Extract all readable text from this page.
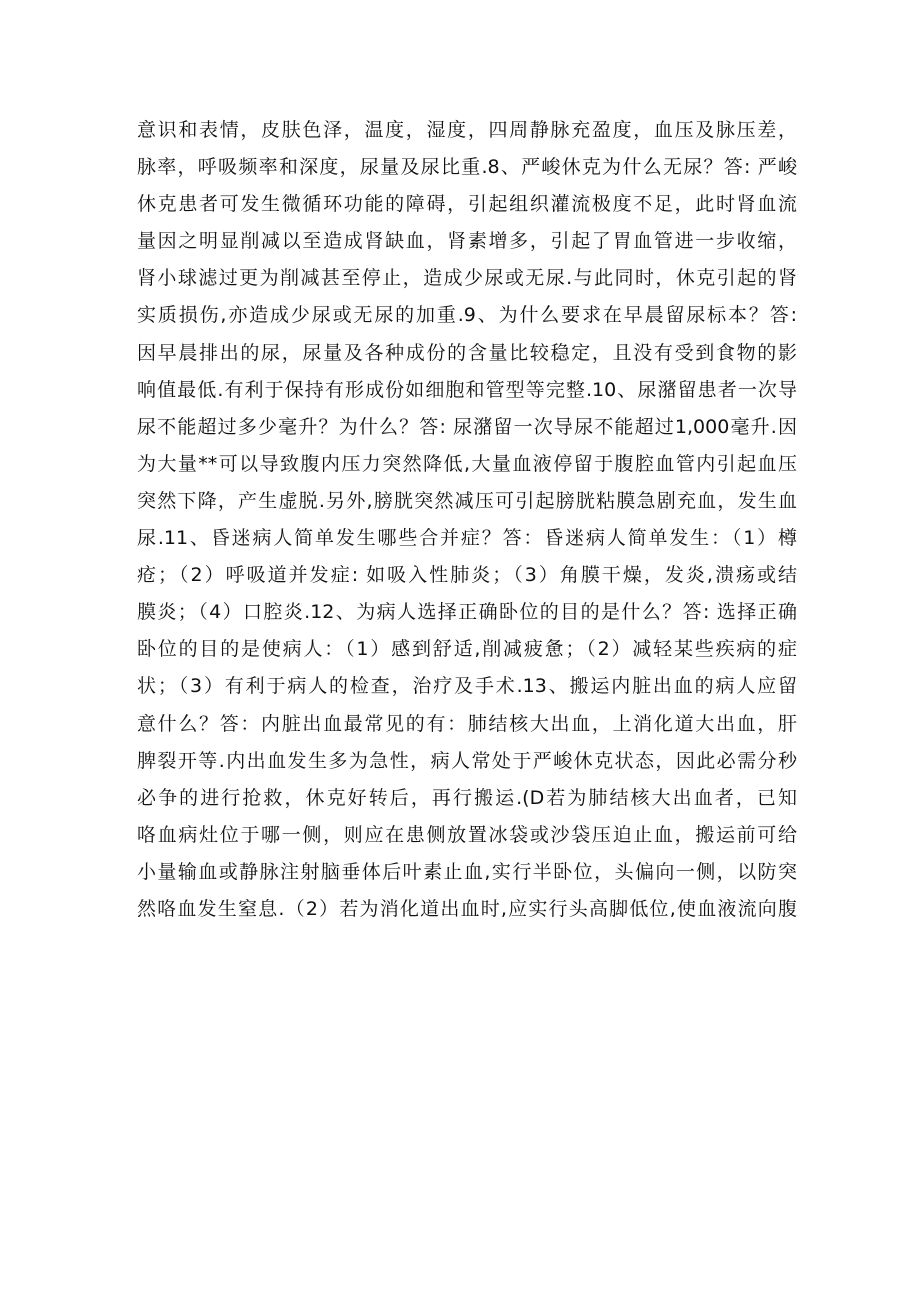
意识和表情，皮肤色泽，温度，湿度，四周静脉充盈度，血压及脉压差，
脉率，呼吸频率和深度，尿量及尿比重.8、严峻休克为什么无尿？答: 严峻
休克患者可发生微循环功能的障碍，引起组织灌流极度不足，此时肾血流
量因之明显削减以至造成肾缺血，肾素增多，引起了胃血管进一步收缩，
肾小球滤过更为削减甚至停止，造成少尿或无尿.与此同时，休克引起的肾
实质损伤,亦造成少尿或无尿的加重.9、为什么要求在早晨留尿标本？答:
因早晨排出的尿，尿量及各种成份的含量比较稳定，且没有受到食物的影
响值最低.有利于保持有形成份如细胞和管型等完整.10、尿潴留患者一次导
尿不能超过多少毫升？为什么？答: 尿潴留一次导尿不能超过1,000毫升.因
为大量**可以导致腹内压力突然降低,大量血液停留于腹腔血管内引起血压
突然下降，产生虚脱.另外,膀胱突然减压可引起膀胱粘膜急剧充血，发生血
尿.11、昏迷病人简单发生哪些合并症？答：昏迷病人简单发生：（1）樽
疮；（2）呼吸道并发症: 如吸入性肺炎；（3）角膜干燥，发炎,溃疡或结
膜炎；（4）口腔炎.12、为病人选择正确卧位的目的是什么？答: 选择正确
卧位的目的是使病人：（1）感到舒适,削减疲惫；（2）减轻某些疾病的症
状；（3）有利于病人的检查，治疗及手术.13、搬运内脏出血的病人应留
意什么？答：内脏出血最常见的有：肺结核大出血，上消化道大出血，肝
脾裂开等.内出血发生多为急性，病人常处于严峻休克状态，因此必需分秒
必争的进行抢救，休克好转后，再行搬运.(D若为肺结核大出血者，已知
咯血病灶位于哪一侧，则应在患侧放置冰袋或沙袋压迫止血，搬运前可给
小量输血或静脉注射脑垂体后叶素止血,实行半卧位，头偏向一侧，以防突
然咯血发生窒息.（2）若为消化道出血时,应实行头高脚低位,使血液流向腹
